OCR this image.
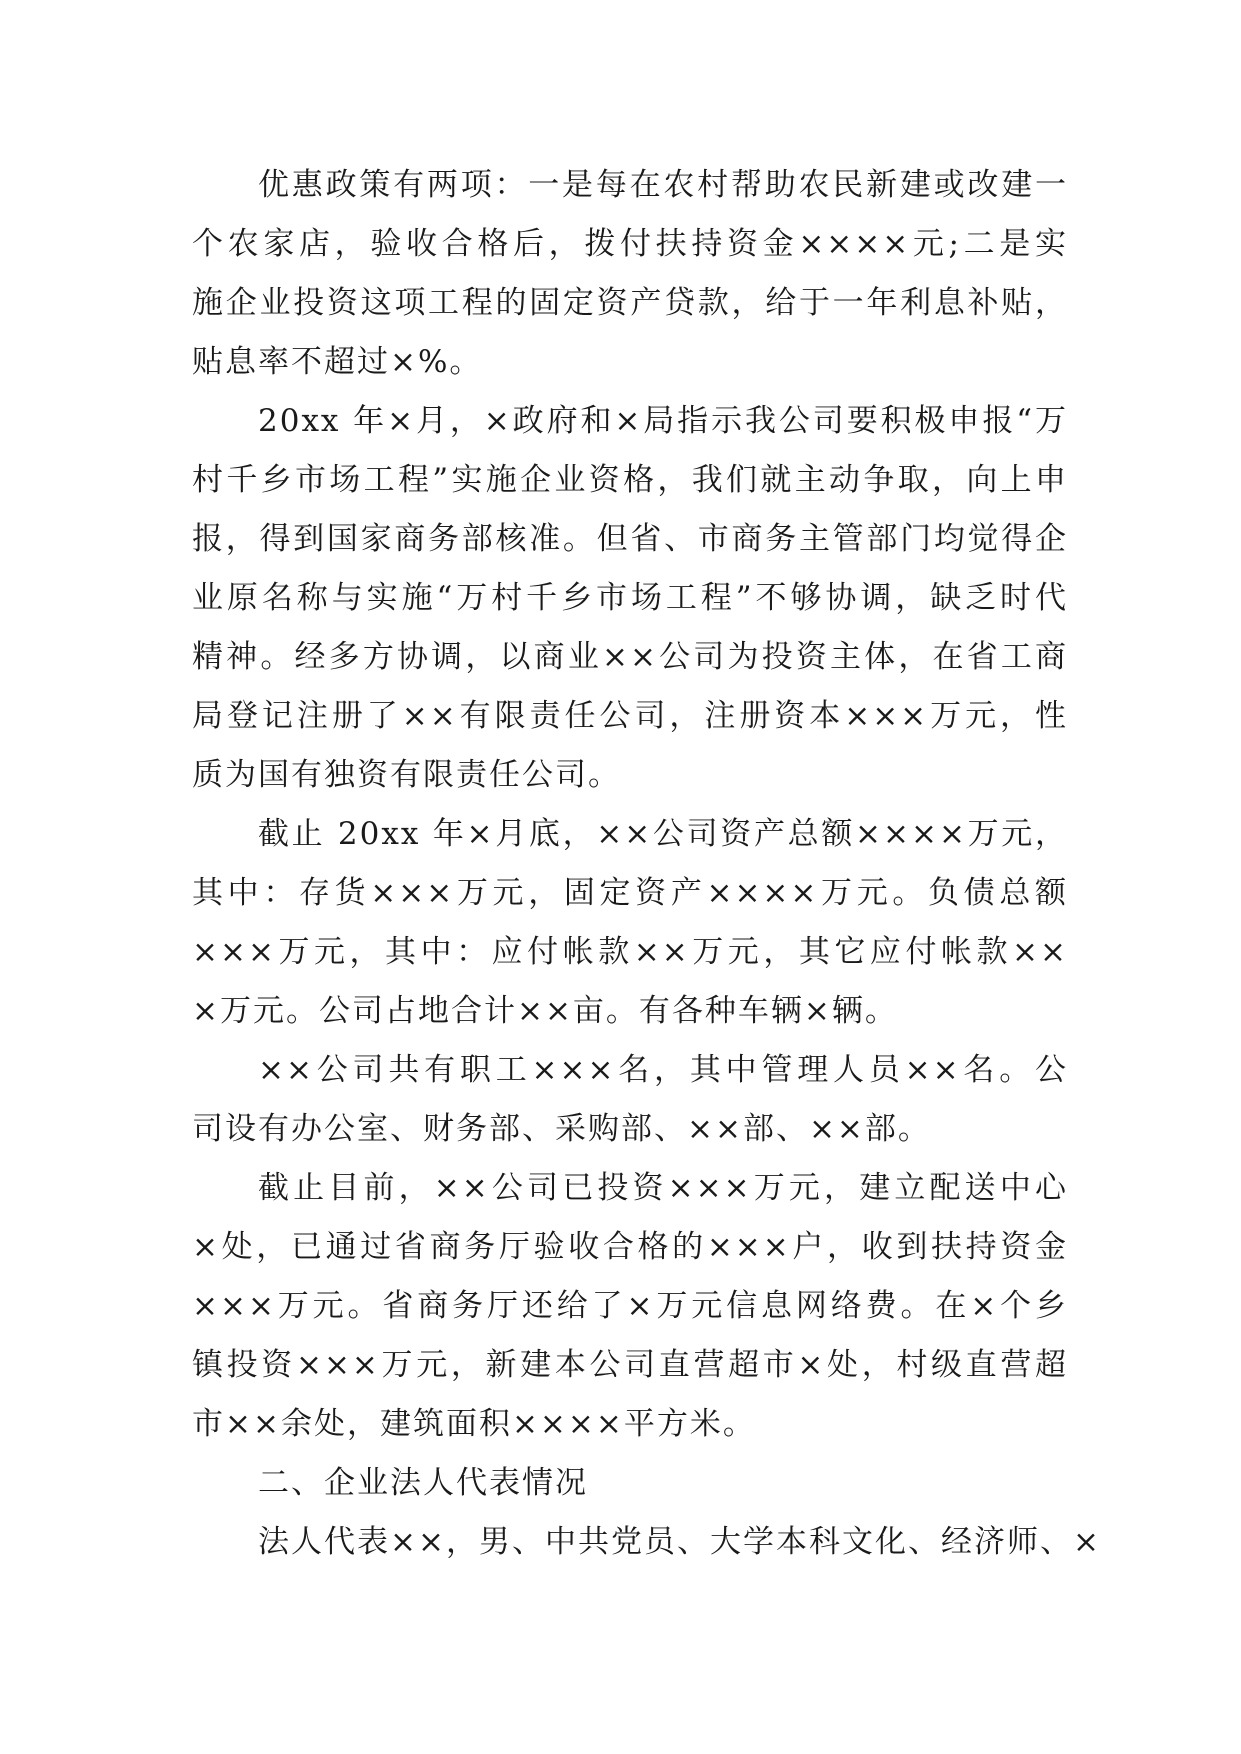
优惠政策有两项：一是每在农村帮助农民新建或改建一
个农家店，验收合格后，拨付扶持资金××××元;二是实
施企业投资这项工程的固定资产贷款，给于一年利息补贴，
贴息率不超过×%。
20xx 年×月，×政府和×局指示我公司要积极申报“万
村千乡市场工程”实施企业资格，我们就主动争取，向上申
报，得到国家商务部核准。但省、市商务主管部门均觉得企
业原名称与实施“万村千乡市场工程”不够协调，缺乏时代
精神。经多方协调，以商业××公司为投资主体，在省工商
局登记注册了××有限责任公司，注册资本×××万元，性
质为国有独资有限责任公司。
截止 20xx 年×月底，××公司资产总额××××万元，
其中：存货×××万元，固定资产××××万元。负债总额
×××万元，其中：应付帐款××万元，其它应付帐款××
×万元。公司占地合计××亩。有各种车辆×辆。
××公司共有职工×××名，其中管理人员××名。公
司设有办公室、财务部、采购部、××部、××部。
截止目前，××公司已投资×××万元，建立配送中心
×处，已通过省商务厅验收合格的×××户，收到扶持资金
×××万元。省商务厅还给了×万元信息网络费。在×个乡
镇投资×××万元，新建本公司直营超市×处，村级直营超
市××余处，建筑面积××××平方米。
二、企业法人代表情况
法人代表××，男、中共党员、大学本科文化、经济师、×
